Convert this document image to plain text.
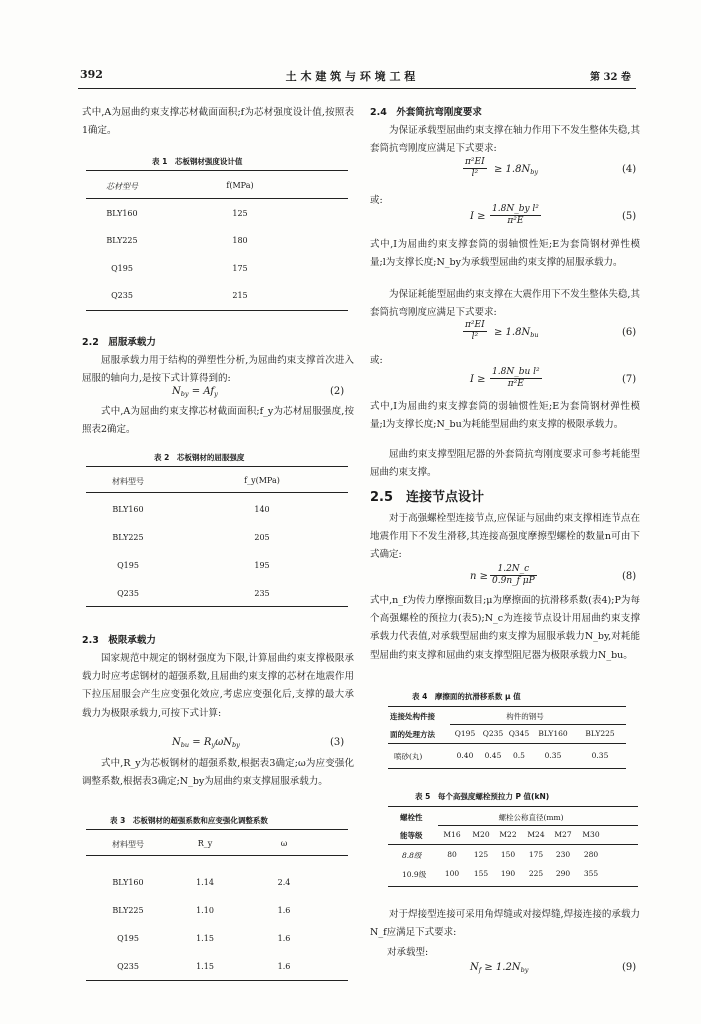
392	土 木 建 筑 与 环 境 工 程	第 32 卷
式中,A为屈曲约束支撑芯材截面面积;f为芯材强度设计值,按照表1确定。
表 1　芯板钢材强度设计值
芯材型号	f(MPa)
BLY160	125
BLY225	180
Q195	175
Q235	215
2.2　屈服承载力
屈服承载力用于结构的弹塑性分析,为屈曲约束支撑首次进入屈服的轴向力,是按下式计算得到的:
$N_{by} = Af_y$	(2)
式中,A为屈曲约束支撑芯材截面面积;f_y为芯材屈服强度,按照表2确定。
表 2　芯板钢材的屈服强度
材料型号	f_y(MPa)
BLY160	140
BLY225	205
Q195	195
Q235	235
2.3　极限承载力
国家规范中规定的钢材强度为下限,计算屈曲约束支撑极限承载力时应考虑钢材的超强系数,且屈曲约束支撑的芯材在地震作用下拉压屈服会产生应变强化效应,考虑应变强化后,支撑的最大承载力为极限承载力,可按下式计算:
$N_{bu} = R_y\omega N_{by}$	(3)
式中,R_y为芯板钢材的超强系数,根据表3确定;ω为应变强化调整系数,根据表3确定;N_by为屈曲约束支撑屈服承载力。
表 3　芯板钢材的超强系数和应变强化调整系数
材料型号	R_y	ω
BLY160	1.14	2.4
BLY225	1.10	1.6
Q195	1.15	1.6
Q235	1.15	1.6
2.4　外套筒抗弯刚度要求
为保证承载型屈曲约束支撑在轴力作用下不发生整体失稳,其套筒抗弯刚度应满足下式要求:
$\frac{\text{π²EI}}{\text{l²}} \ge 1.8N_{by}$	(4)
或:
$I \ge \frac{\text{1.8N\_by l²}}{\text{π²E}}$	(5)
式中,I为屈曲约束支撑套筒的弱轴惯性矩;E为套筒钢材弹性模量;l为支撑长度;N_by为承载型屈曲约束支撑的屈服承载力。
为保证耗能型屈曲约束支撑在大震作用下不发生整体失稳,其套筒抗弯刚度应满足下式要求:
$\frac{\text{π²EI}}{\text{l²}} \ge 1.8N_{bu}$	(6)
或:
$I \ge \frac{\text{1.8N\_bu l²}}{\text{π²E}}$	(7)
式中,I为屈曲约束支撑套筒的弱轴惯性矩;E为套筒钢材弹性模量;l为支撑长度;N_bu为耗能型屈曲约束支撑的极限承载力。
屈曲约束支撑型阻尼器的外套筒抗弯刚度要求可参考耗能型屈曲约束支撑。
2.5　连接节点设计
对于高强螺栓型连接节点,应保证与屈曲约束支撑相连节点在地震作用下不发生滑移,其连接高强度摩擦型螺栓的数量n可由下式确定:
$n \ge \frac{1.2N\_c}{\text{0.9n\_f μP}}$	(8)
式中,n_f为传力摩擦面数目;μ为摩擦面的抗滑移系数(表4);P为每个高强螺栓的预拉力(表5);N_c为连接节点设计用屈曲约束支撑承载力代表值,对承载型屈曲约束支撑为屈服承载力N_by,对耗能型屈曲约束支撑和屈曲约束支撑型阻尼器为极限承载力N_bu。
表 4　摩擦面的抗滑移系数 μ 值
连接处构件接	构件的钢号
面的处理方法	Q195 Q235 Q345 BLY160 BLY225
喷砂(丸)	0.40 0.45 0.5	0.35	0.35
表 5　每个高强度螺栓预拉力 P 值(kN)
螺栓性	螺栓公称直径(mm)
能等级	M16 M20 M22 M24 M27 M30
8.8级	80 125 150 175 230 280
10.9级 100 155 190 225 290 355
对于焊接型连接可采用角焊缝或对接焊缝,焊接连接的承载力N_f应满足下式要求:
对承载型:
$N_f \ge 1.2N_{by}$	(9)
